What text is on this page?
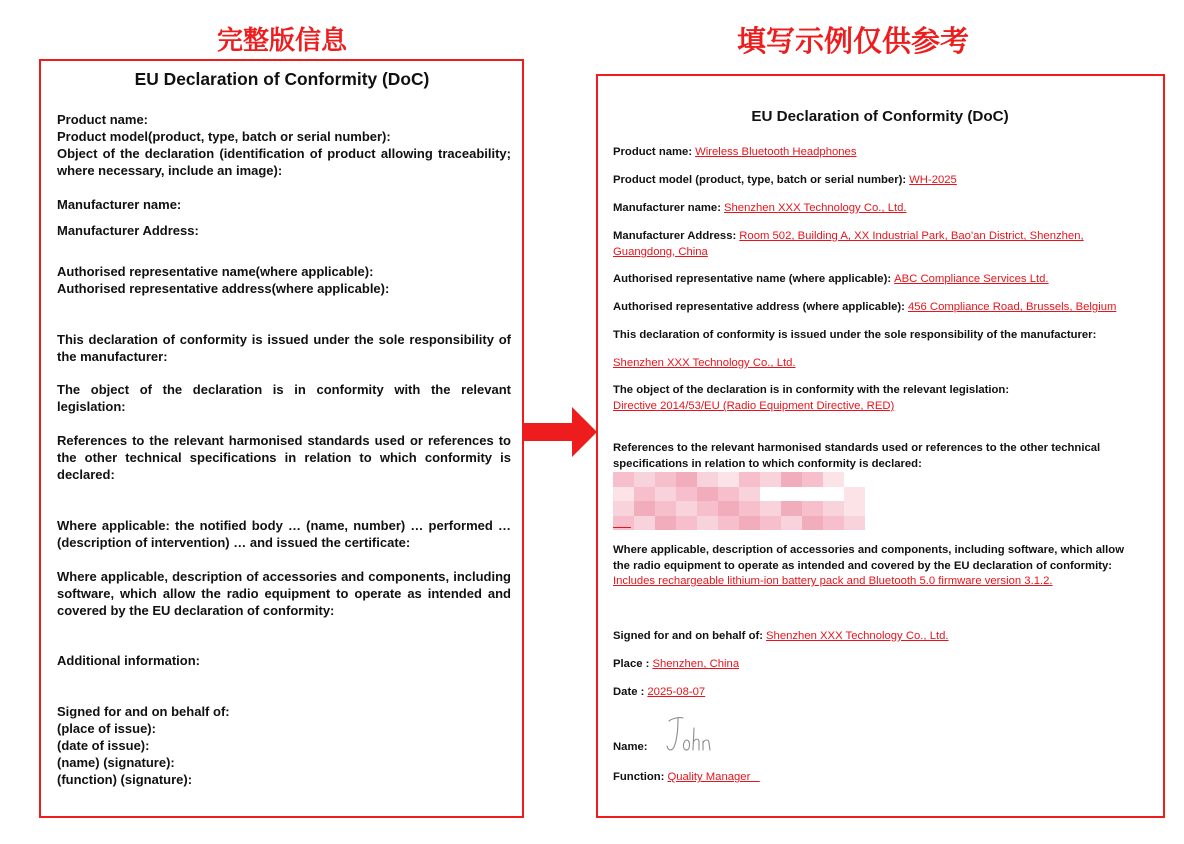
完整版信息	填写示例仅供参考
EU Declaration of Conformity (DoC)
Product name:
Product model(product, type, batch or serial number):
Object of the declaration (identification of product allowing traceability; where necessary, include an image):
Manufacturer name:
Manufacturer Address:
Authorised representative name(where applicable):
Authorised representative address(where applicable):
This declaration of conformity is issued under the sole responsibility of the manufacturer:
The object of the declaration is in conformity with the relevant legislation:
References to the relevant harmonised standards used or references to the other technical specifications in relation to which conformity is declared:
Where applicable: the notified body … (name, number) … performed … (description of intervention) … and issued the certificate:
Where applicable, description of accessories and components, including software, which allow the radio equipment to operate as intended and covered by the EU declaration of conformity:
Additional information:
Signed for and on behalf of:
(place of issue):
(date of issue):
(name) (signature):
(function) (signature):
EU Declaration of Conformity (DoC)
Product name: Wireless Bluetooth Headphones
Product model (product, type, batch or serial number): WH-2025
Manufacturer name: Shenzhen XXX Technology Co., Ltd.
Manufacturer Address: Room 502, Building A, XX Industrial Park, Bao'an District, Shenzhen, Guangdong, China
Authorised representative name (where applicable): ABC Compliance Services Ltd.
Authorised representative address (where applicable): 456 Compliance Road, Brussels, Belgium
This declaration of conformity is issued under the sole responsibility of the manufacturer:
Shenzhen XXX Technology Co., Ltd.
The object of the declaration is in conformity with the relevant legislation:
Directive 2014/53/EU (Radio Equipment Directive, RED)
References to the relevant harmonised standards used or references to the other technical specifications in relation to which conformity is declared:
Where applicable, description of accessories and components, including software, which allow the radio equipment to operate as intended and covered by the EU declaration of conformity:
Includes rechargeable lithium-ion battery pack and Bluetooth 5.0 firmware version 3.1.2.
Signed for and on behalf of: Shenzhen XXX Technology Co., Ltd.
Place : Shenzhen, China
Date : 2025-08-07
Name:
Function: Quality Manager
